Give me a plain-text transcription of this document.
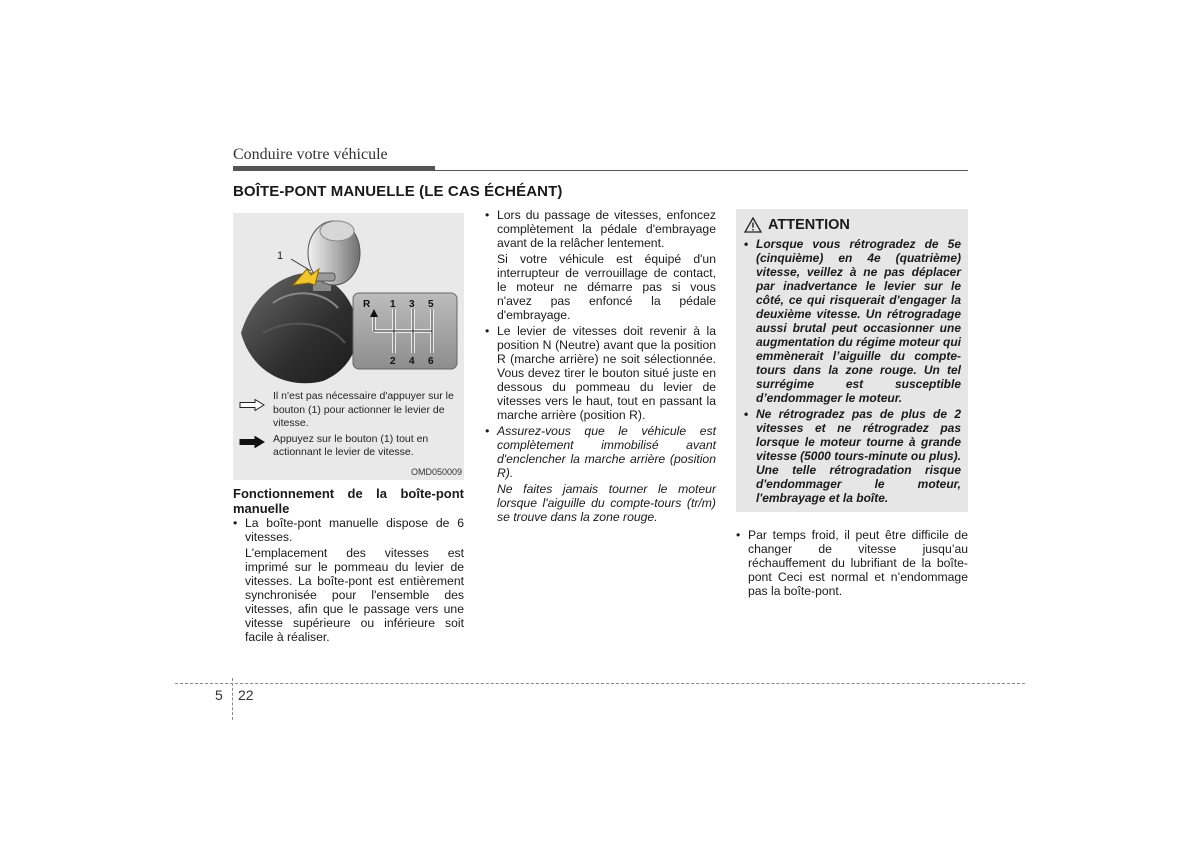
Conduire votre véhicule
BOÎTE-PONT MANUELLE (LE CAS ÉCHÉANT)
1
R 1 3 5
2 4 6
Il n'est pas nécessaire d'appuyer sur le bouton (1) pour actionner le levier de vitesse.
Appuyez sur le bouton (1) tout en actionnant le levier de vitesse.
OMD050009

Fonctionnement de la boîte-pont manuelle

• La boîte-pont manuelle dispose de 6 vitesses.

L'emplacement des vitesses est imprimé sur le pommeau du levier de vitesses. La boîte-pont est entièrement synchronisée pour l'ensemble des vitesses, afin que le passage vers une vitesse supérieure ou inférieure soit facile à réaliser.

• Lors du passage de vitesses, enfoncez complètement la pédale d'embrayage avant de la relâcher lentement.

Si votre véhicule est équipé d'un interrupteur de verrouillage de contact, le moteur ne démarre pas si vous n'avez pas enfoncé la pédale d'embrayage.

• Le levier de vitesses doit revenir à la position N (Neutre) avant que la position R (marche arrière) ne soit sélectionnée. Vous devez tirer le bouton situé juste en dessous du pommeau du levier de vitesses vers le haut, tout en passant la marche arrière (position R).

• Assurez-vous que le véhicule est complètement immobilisé avant d'enclencher la marche arrière (position R).

Ne faites jamais tourner le moteur lorsque l'aiguille du compte-tours (tr/m) se trouve dans la zone rouge.

ATTENTION

• Lorsque vous rétrogradez de 5e (cinquième) en 4e (quatrième) vitesse, veillez à ne pas déplacer par inadvertance le levier sur le côté, ce qui risquerait d'engager la deuxième vitesse. Un rétrogradage aussi brutal peut occasionner une augmentation du régime moteur qui emmènerait l’aiguille du compte-tours dans la zone rouge. Un tel surrégime est susceptible d’endommager le moteur.

• Ne rétrogradez pas de plus de 2 vitesses et ne rétrogradez pas lorsque le moteur tourne à grande vitesse (5000 tours-minute ou plus). Une telle rétrogradation risque d'endommager le moteur, l'embrayage et la boîte.

• Par temps froid, il peut être difficile de changer de vitesse jusqu’au réchauffement du lubrifiant de la boîte-pont Ceci est normal et n’endommage pas la boîte-pont.

5 22
